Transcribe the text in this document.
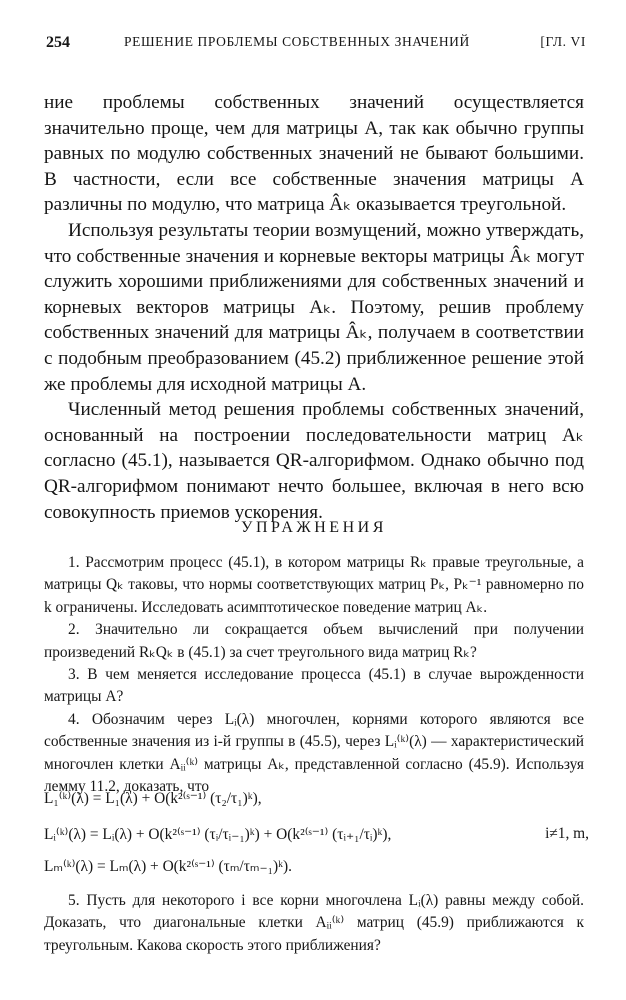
254	РЕШЕНИЕ ПРОБЛЕМЫ СОБСТВЕННЫХ ЗНАЧЕНИЙ	[ГЛ. VI

ние проблемы собственных значений осуществляется значительно проще, чем для матрицы A, так как обычно группы равных по модулю собственных значений не бывают большими. В частности, если все собственные значения матрицы A различны по модулю, что матрица Âₖ оказывается треугольной.

Используя результаты теории возмущений, можно утверждать, что собственные значения и корневые векторы матрицы Âₖ могут служить хорошими приближениями для собственных значений и корневых векторов матрицы Aₖ. Поэтому, решив проблему собственных значений для матрицы Âₖ, получаем в соответствии с подобным преобразованием (45.2) приближенное решение этой же проблемы для исходной матрицы A.

Численный метод решения проблемы собственных значений, основанный на построении последовательности матриц Aₖ согласно (45.1), называется QR-алгорифмом. Однако обычно под QR-алгорифмом понимают нечто большее, включая в него всю совокупность приемов ускорения.

УПРАЖНЕНИЯ

1. Рассмотрим процесс (45.1), в котором матрицы Rₖ правые треугольные, а матрицы Qₖ таковы, что нормы соответствующих матриц Pₖ, Pₖ⁻¹ равномерно по k ограничены. Исследовать асимптотическое поведение матриц Aₖ.

2. Значительно ли сокращается объем вычислений при получении произведений RₖQₖ в (45.1) за счет треугольного вида матриц Rₖ?

3. В чем меняется исследование процесса (45.1) в случае вырожденности матрицы A?

4. Обозначим через Lᵢ(λ) многочлен, корнями которого являются все собственные значения из i-й группы в (45.5), через Lᵢ⁽ᵏ⁾(λ) — характеристический многочлен клетки Aᵢᵢ⁽ᵏ⁾ матрицы Aₖ, представленной согласно (45.9). Используя лемму 11.2, доказать, что

L₁⁽ᵏ⁾(λ) = L₁(λ) + O(k²⁽ˢ⁻¹⁾ (τ₂/τ₁)ᵏ),
Lᵢ⁽ᵏ⁾(λ) = Lᵢ(λ) + O(k²⁽ˢ⁻¹⁾ (τᵢ/τᵢ₋₁)ᵏ) + O(k²⁽ˢ⁻¹⁾ (τᵢ₊₁/τᵢ)ᵏ),	i≠1, m,
Lₘ⁽ᵏ⁾(λ) = Lₘ(λ) + O(k²⁽ˢ⁻¹⁾ (τₘ/τₘ₋₁)ᵏ).

5. Пусть для некоторого i все корни многочлена Lᵢ(λ) равны между собой. Доказать, что диагональные клетки Aᵢᵢ⁽ᵏ⁾ матриц (45.9) приближаются к треугольным. Какова скорость этого приближения?
